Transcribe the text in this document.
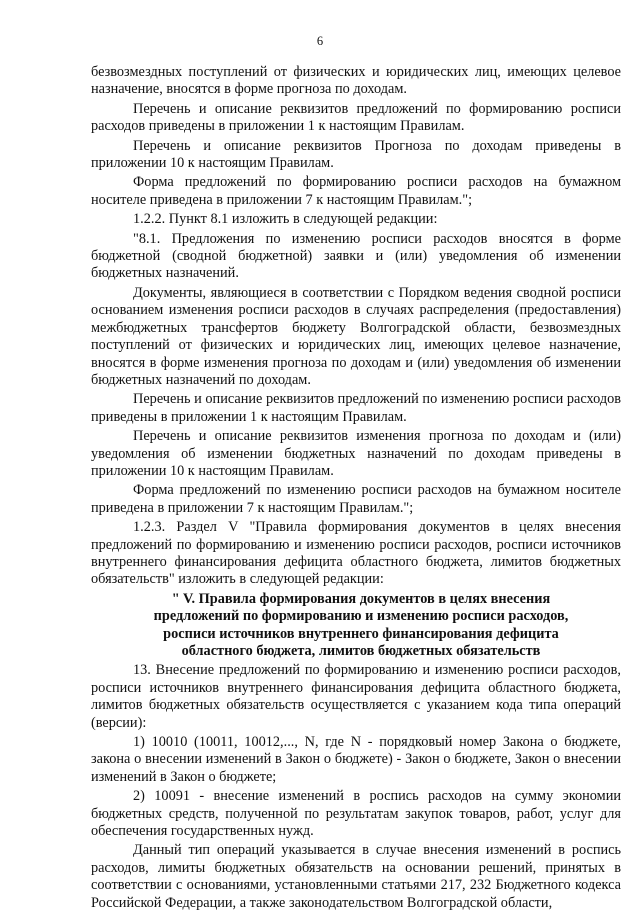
6

безвозмездных поступлений от физических и юридических лиц, имеющих целевое назначение, вносятся в форме прогноза по доходам.

Перечень и описание реквизитов предложений по формированию росписи расходов приведены в приложении 1 к настоящим Правилам.

Перечень и описание реквизитов Прогноза по доходам приведены в приложении 10 к настоящим Правилам.

Форма предложений по формированию росписи расходов на бумажном носителе приведена в приложении 7 к настоящим Правилам.";

1.2.2. Пункт 8.1 изложить в следующей редакции:

"8.1. Предложения по изменению росписи расходов вносятся в форме бюджетной (сводной бюджетной) заявки и (или) уведомления об изменении бюджетных назначений.

Документы, являющиеся в соответствии с Порядком ведения сводной росписи основанием изменения росписи расходов в случаях распределения (предоставления) межбюджетных трансфертов бюджету Волгоградской области, безвозмездных поступлений от физических и юридических лиц, имеющих целевое назначение, вносятся в форме изменения прогноза по доходам и (или) уведомления об изменении бюджетных назначений по доходам.

Перечень и описание реквизитов предложений по изменению росписи расходов приведены в приложении 1 к настоящим Правилам.

Перечень и описание реквизитов изменения прогноза по доходам и (или) уведомления об изменении бюджетных назначений по доходам приведены в приложении 10 к настоящим Правилам.

Форма предложений по изменению росписи расходов на бумажном носителе приведена в приложении 7 к настоящим Правилам.";

1.2.3. Раздел V "Правила формирования документов в целях внесения предложений по формированию и изменению росписи расходов, росписи источников внутреннего финансирования дефицита областного бюджета, лимитов бюджетных обязательств" изложить в следующей редакции:

" V. Правила формирования документов в целях внесения

предложений по формированию и изменению росписи расходов,

росписи источников внутреннего финансирования дефицита

областного бюджета, лимитов бюджетных обязательств

13. Внесение предложений по формированию и изменению росписи расходов, росписи источников внутреннего финансирования дефицита областного бюджета, лимитов бюджетных обязательств осуществляется с указанием кода типа операций (версии):

1) 10010 (10011, 10012,..., N, где N - порядковый номер Закона о бюджете, закона о внесении изменений в Закон о бюджете) - Закон о бюджете, Закон о внесении изменений в Закон о бюджете;

2) 10091 - внесение изменений в роспись расходов на сумму экономии бюджетных средств, полученной по результатам закупок товаров, работ, услуг для обеспечения государственных нужд.

Данный тип операций указывается в случае внесения изменений в роспись расходов, лимиты бюджетных обязательств на основании решений, принятых в соответствии с основаниями, установленными статьями 217, 232 Бюджетного кодекса Российской Федерации, а также законодательством Волгоградской области,
